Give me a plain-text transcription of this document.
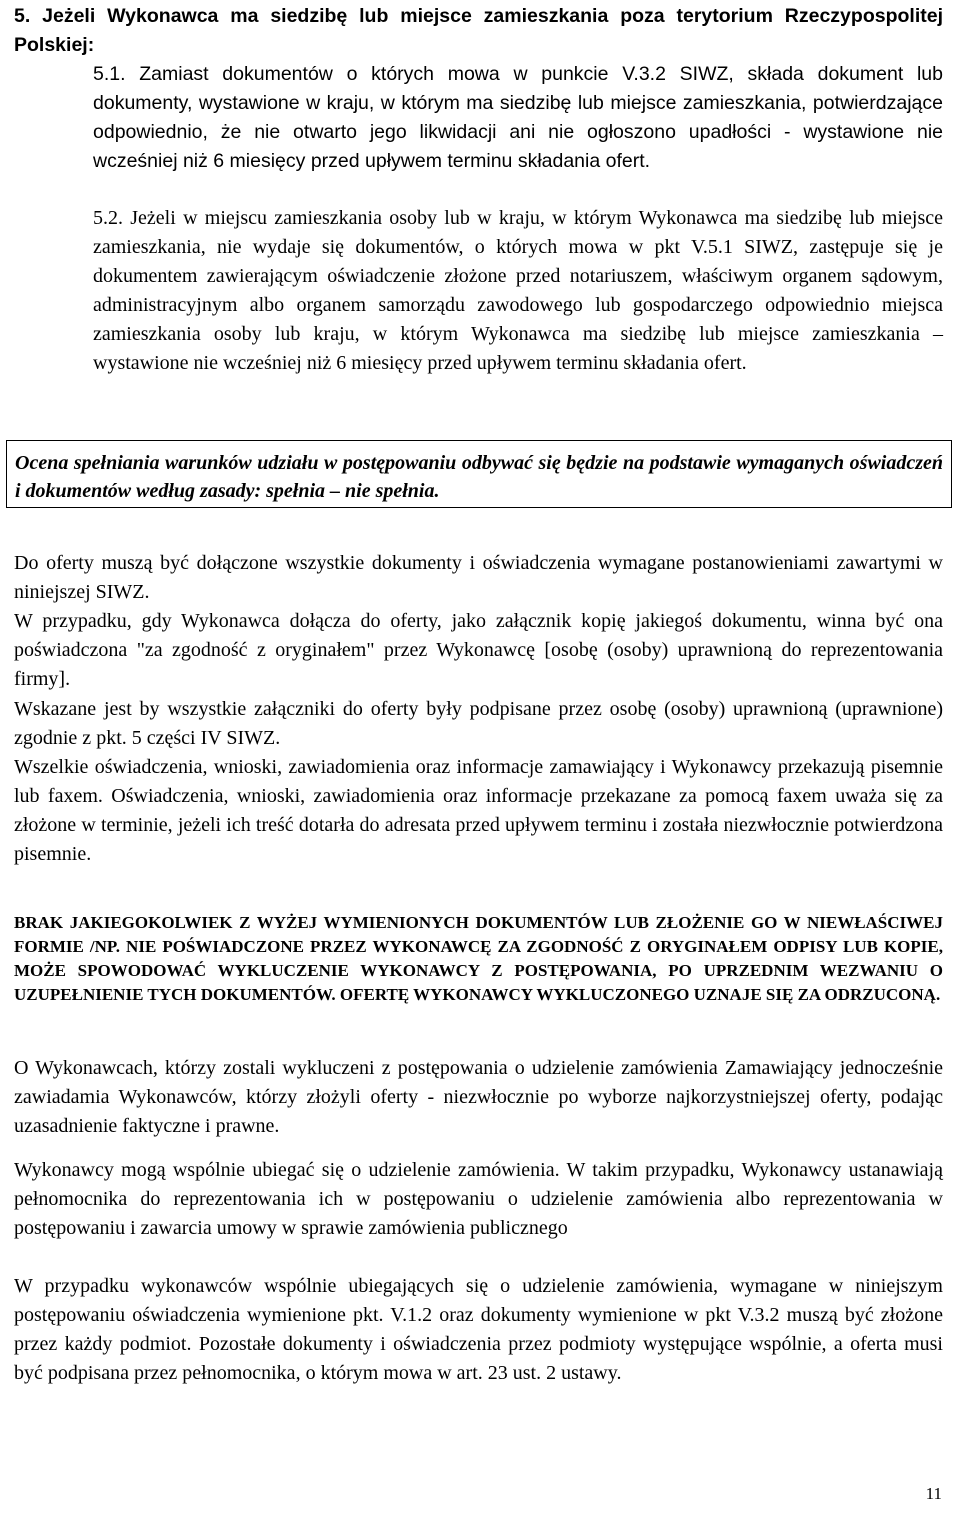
5. Jeżeli Wykonawca ma siedzibę lub miejsce zamieszkania poza terytorium Rzeczypospolitej Polskiej:

5.1. Zamiast dokumentów o których mowa w punkcie V.3.2 SIWZ, składa dokument lub dokumenty, wystawione w kraju, w którym ma siedzibę lub miejsce zamieszkania, potwierdzające odpowiednio, że nie otwarto jego likwidacji ani nie ogłoszono upadłości - wystawione nie wcześniej niż 6 miesięcy przed upływem terminu składania ofert.

5.2. Jeżeli w miejscu zamieszkania osoby lub w kraju, w którym Wykonawca ma siedzibę lub miejsce zamieszkania, nie wydaje się dokumentów, o których mowa w pkt V.5.1 SIWZ, zastępuje się je dokumentem zawierającym oświadczenie złożone przed notariuszem, właściwym organem sądowym, administracyjnym albo organem samorządu zawodowego lub gospodarczego odpowiednio miejsca zamieszkania osoby lub kraju, w którym Wykonawca ma siedzibę lub miejsce zamieszkania – wystawione nie wcześniej niż 6 miesięcy przed upływem terminu składania ofert.

Ocena spełniania warunków udziału w postępowaniu odbywać się będzie na podstawie wymaganych oświadczeń i dokumentów według zasady: spełnia – nie spełnia.

Do oferty muszą być dołączone wszystkie dokumenty i oświadczenia wymagane postanowieniami zawartymi w niniejszej SIWZ.

W przypadku, gdy Wykonawca dołącza do oferty, jako załącznik kopię jakiegoś dokumentu, winna być ona poświadczona "za zgodność z oryginałem" przez Wykonawcę [osobę (osoby) uprawnioną do reprezentowania firmy].

Wskazane jest by wszystkie załączniki do oferty były podpisane przez osobę (osoby) uprawnioną (uprawnione) zgodnie z pkt. 5 części IV SIWZ.

Wszelkie oświadczenia, wnioski, zawiadomienia oraz informacje zamawiający i Wykonawcy przekazują pisemnie lub faxem. Oświadczenia, wnioski, zawiadomienia oraz informacje przekazane za pomocą faxem uważa się za złożone w terminie, jeżeli ich treść dotarła do adresata przed upływem terminu i została niezwłocznie potwierdzona pisemnie.

BRAK JAKIEGOKOLWIEK Z WYŻEJ WYMIENIONYCH DOKUMENTÓW LUB ZŁOŻENIE GO W NIEWŁAŚCIWEJ FORMIE /NP. NIE POŚWIADCZONE PRZEZ WYKONAWCĘ ZA ZGODNOŚĆ Z ORYGINAŁEM ODPISY LUB KOPIE, MOŻE SPOWODOWAĆ WYKLUCZENIE WYKONAWCY Z POSTĘPOWANIA, PO UPRZEDNIM WEZWANIU O UZUPEŁNIENIE TYCH DOKUMENTÓW. OFERTĘ WYKONAWCY WYKLUCZONEGO UZNAJE SIĘ ZA ODRZUCONĄ.

O Wykonawcach, którzy zostali wykluczeni z postępowania o udzielenie zamówienia Zamawiający jednocześnie zawiadamia Wykonawców, którzy złożyli oferty - niezwłocznie po wyborze najkorzystniejszej oferty, podając uzasadnienie faktyczne i prawne.

Wykonawcy mogą wspólnie ubiegać się o udzielenie zamówienia. W takim przypadku, Wykonawcy ustanawiają pełnomocnika do reprezentowania ich w postępowaniu o udzielenie zamówienia albo reprezentowania w postępowaniu i zawarcia umowy w sprawie zamówienia publicznego

W przypadku wykonawców wspólnie ubiegających się o udzielenie zamówienia, wymagane w niniejszym postępowaniu oświadczenia wymienione pkt. V.1.2 oraz dokumenty wymienione w pkt V.3.2 muszą być złożone przez każdy podmiot. Pozostałe dokumenty i oświadczenia przez podmioty występujące wspólnie, a oferta musi być podpisana przez pełnomocnika, o którym mowa w art. 23 ust. 2 ustawy.

11
